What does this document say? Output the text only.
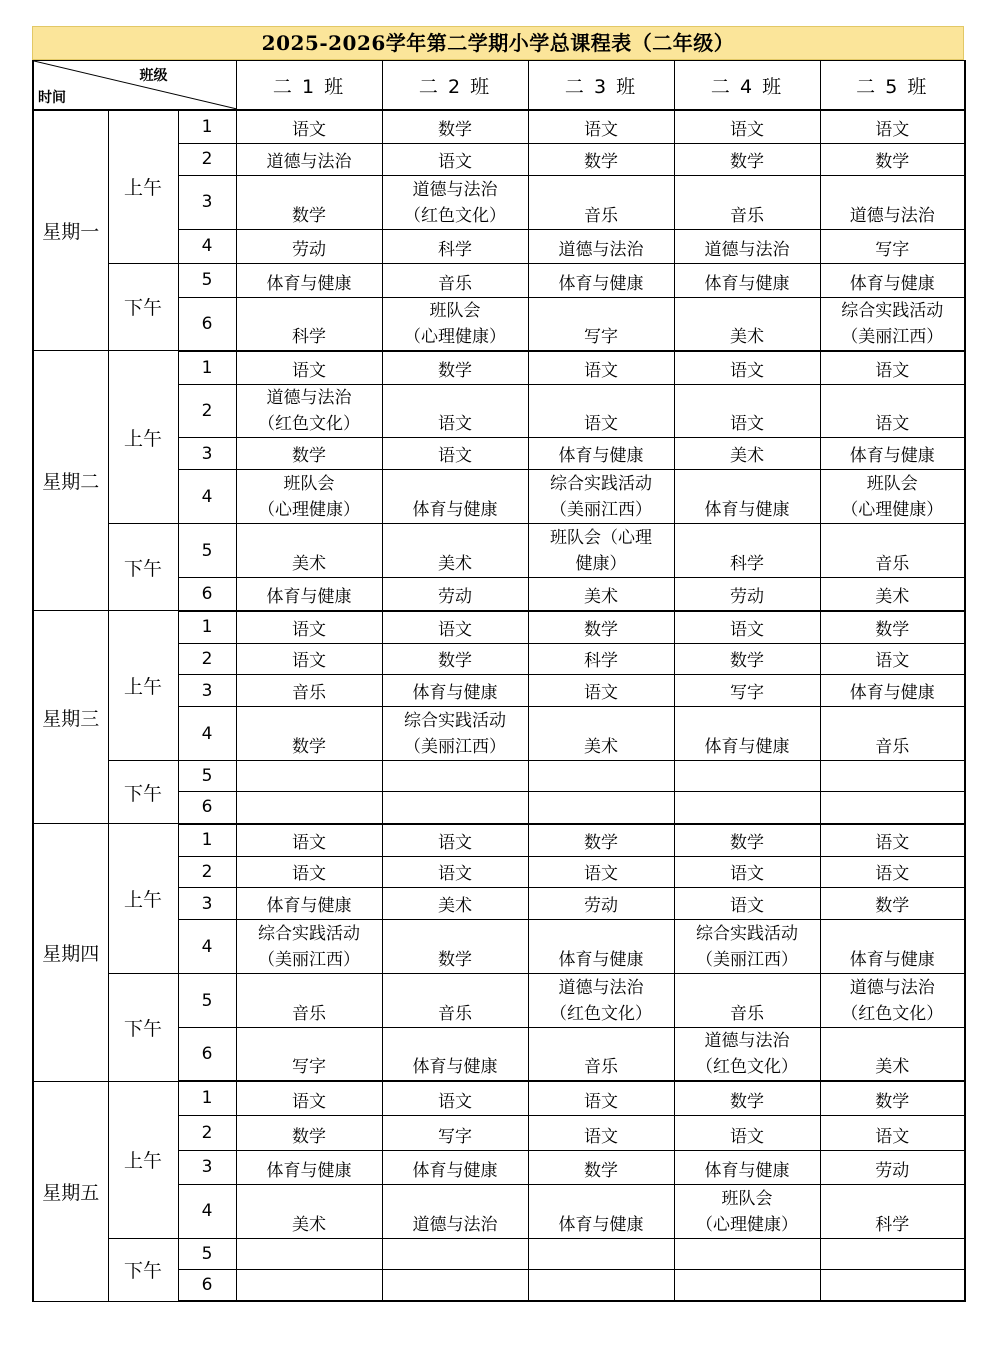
2025-2026学年第二学期小学总课程表（二年级）
班级
时间			二 1 班	二 2 班	二 3 班	二 4 班	二 5 班
星期一	上午	1	语文	数学	语文	语文	语文

		2	道德与法治	语文	数学	数学	数学

		3	数学	道德与法治
（红色文化）	音乐	音乐	道德与法治

		4	劳动	科学	道德与法治	道德与法治	写字

	下午	5	体育与健康	音乐	体育与健康	体育与健康	体育与健康

		6	科学	班队会
（心理健康）	写字	美术	综合实践活动
（美丽江西）

星期二	上午	1	语文	数学	语文	语文	语文

		2	道德与法治
（红色文化）	语文	语文	语文	语文

		3	数学	语文	体育与健康	美术	体育与健康

		4	班队会
（心理健康）	体育与健康	综合实践活动
（美丽江西）	体育与健康	班队会
（心理健康）

	下午	5	美术	美术	班队会（心理
健康）	科学	音乐

		6	体育与健康	劳动	美术	劳动	美术

星期三	上午	1	语文	语文	数学	语文	数学

		2	语文	数学	科学	数学	语文

		3	音乐	体育与健康	语文	写字	体育与健康

		4	数学	综合实践活动
（美丽江西）	美术	体育与健康	音乐

	下午	5					
		6					
星期四	上午	1	语文	语文	数学	数学	语文

		2	语文	语文	语文	语文	语文

		3	体育与健康	美术	劳动	语文	数学

		4	综合实践活动
（美丽江西）	数学	体育与健康	综合实践活动
（美丽江西）	体育与健康

	下午	5	音乐	音乐	道德与法治
（红色文化）	音乐	道德与法治
（红色文化）

		6	写字	体育与健康	音乐	道德与法治
（红色文化）	美术

星期五	上午	1	语文	语文	语文	数学	数学

		2	数学	写字	语文	语文	语文

		3	体育与健康	体育与健康	数学	体育与健康	劳动

		4	美术	道德与法治	体育与健康	班队会
（心理健康）	科学

	下午	5					
		6					
